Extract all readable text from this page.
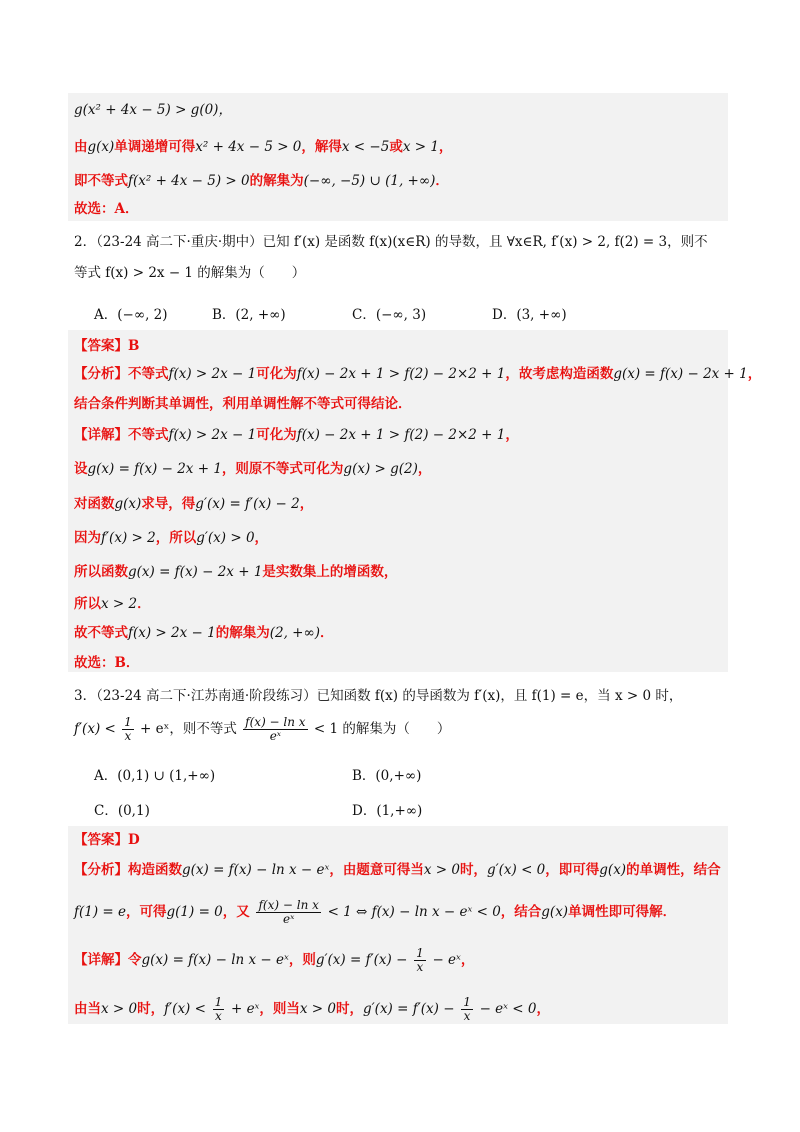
g(x² + 4x − 5) > g(0)，
由g(x)单调递增可得x² + 4x − 5 > 0，解得x < −5或x > 1，
即不等式f(x² + 4x − 5) > 0的解集为(−∞, −5) ∪ (1, +∞)．
故选：A．
2．（23-24 高二下·重庆·期中）已知 f′(x) 是函数 f(x)(x∈R) 的导数，且 ∀x∈R, f′(x) > 2, f(2) = 3，则不
等式 f(x) > 2x − 1 的解集为（　　）
A．(−∞, 2)	B．(2, +∞)	C．(−∞, 3)	D．(3, +∞)
【答案】B
【分析】不等式f(x) > 2x − 1可化为f(x) − 2x + 1 > f(2) − 2×2 + 1，故考虑构造函数g(x) = f(x) − 2x + 1，
结合条件判断其单调性，利用单调性解不等式可得结论．
【详解】不等式f(x) > 2x − 1可化为f(x) − 2x + 1 > f(2) − 2×2 + 1，
设g(x) = f(x) − 2x + 1，则原不等式可化为g(x) > g(2)，
对函数g(x)求导，得g′(x) = f′(x) − 2，
因为f′(x) > 2，所以g′(x) > 0，
所以函数g(x) = f(x) − 2x + 1是实数集上的增函数，
所以x > 2．
故不等式f(x) > 2x − 1的解集为(2, +∞)．
故选：B．
3．（23-24 高二下·江苏南通·阶段练习）已知函数 f(x) 的导函数为 f′(x)，且 f(1) = e，当 x > 0 时，
$f'(x) < \frac{1}{x}$ + eˣ，则不等式 $\frac{\text{f(x) − ln x}}{\text{eˣ}} < 1$ 的解集为（　　）
A．(0,1) ∪ (1,+∞)	B．(0,+∞)
C．(0,1)	D．(1,+∞)
【答案】D
【分析】构造函数g(x) = f(x) − ln x − eˣ，由题意可得当x > 0时，g′(x) < 0，即可得g(x)的单调性，结合
f(1) = e，可得g(1) = 0，又 $\frac{\text{f(x) − ln x}}{\text{eˣ}} < 1$ ⇔ f(x) − ln x − eˣ < 0，结合g(x)单调性即可得解．
【详解】令g(x) = f(x) − ln x − eˣ，则$g'(x) = f'(x) - \frac{1}{x}$ − eˣ，
由当x > 0时，$f'(x) < \frac{1}{x}$ + eˣ，则当x > 0时，$g'(x) = f'(x) - \frac{1}{x}$ − eˣ < 0，
